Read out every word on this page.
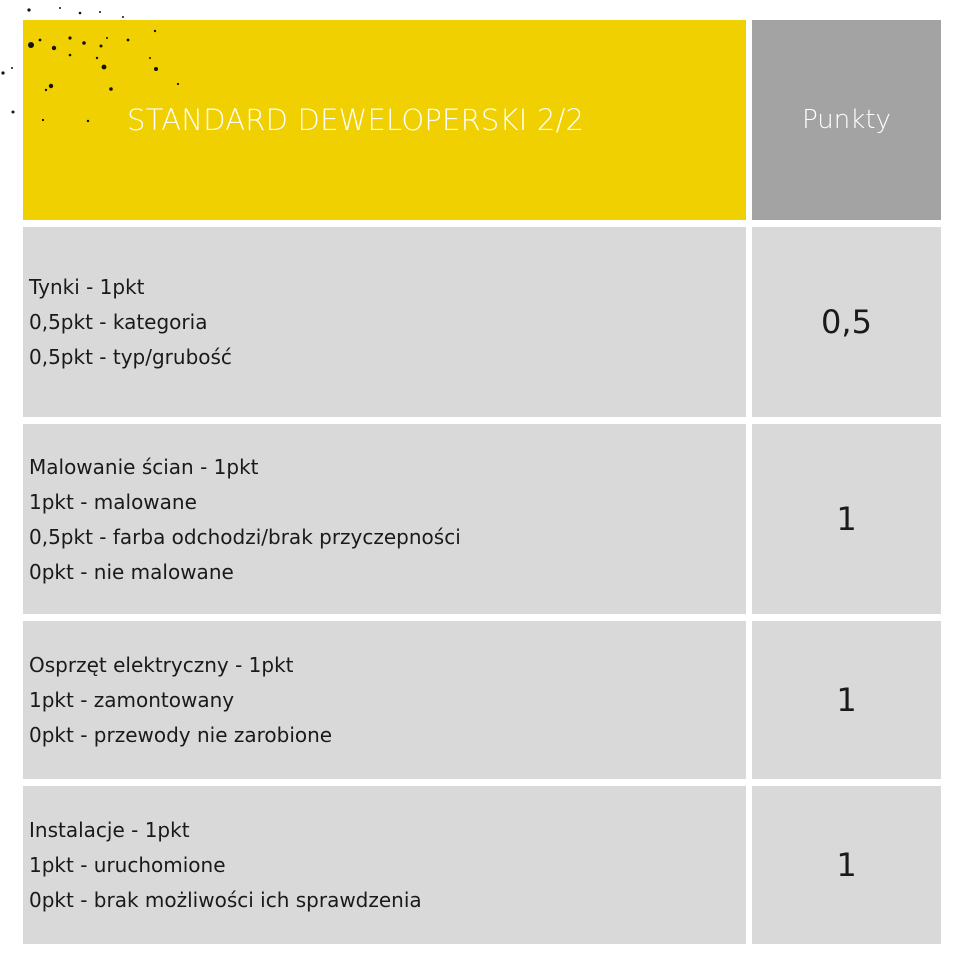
STANDARD DEWELOPERSKI 2/2	Punkty
Tynki - 1pkt
0,5pkt - kategoria
0,5pkt - typ/grubość
0,5
Malowanie ścian - 1pkt
1pkt - malowane
0,5pkt - farba odchodzi/brak przyczepności
0pkt - nie malowane
1
Osprzęt elektryczny - 1pkt
1pkt - zamontowany
0pkt - przewody nie zarobione
1
Instalacje - 1pkt
1pkt - uruchomione
0pkt - brak możliwości ich sprawdzenia
1
